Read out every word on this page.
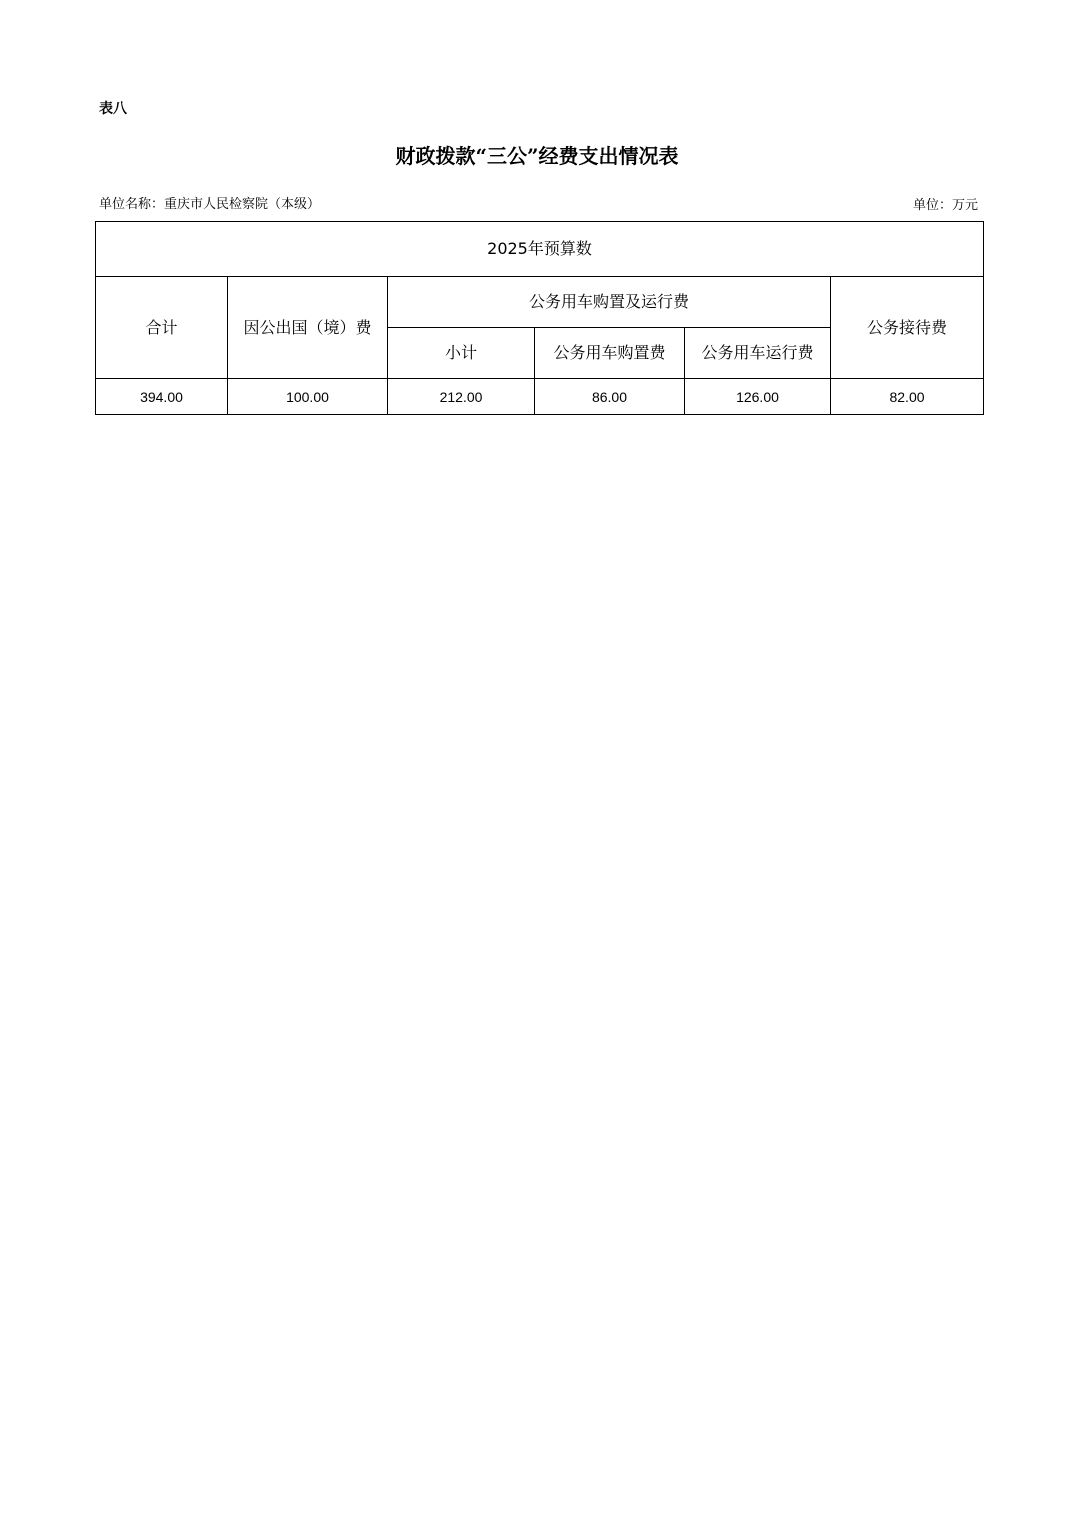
表八
财政拨款“三公”经费支出情况表
单位名称：重庆市人民检察院（本级）	单位：万元
2025年预算数					
合计	因公出国（境）费	公务用车购置及运行费			公务接待费
		小计	公务用车购置费	公务用车运行费	
394.00	100.00	212.00	86.00	126.00	82.00
